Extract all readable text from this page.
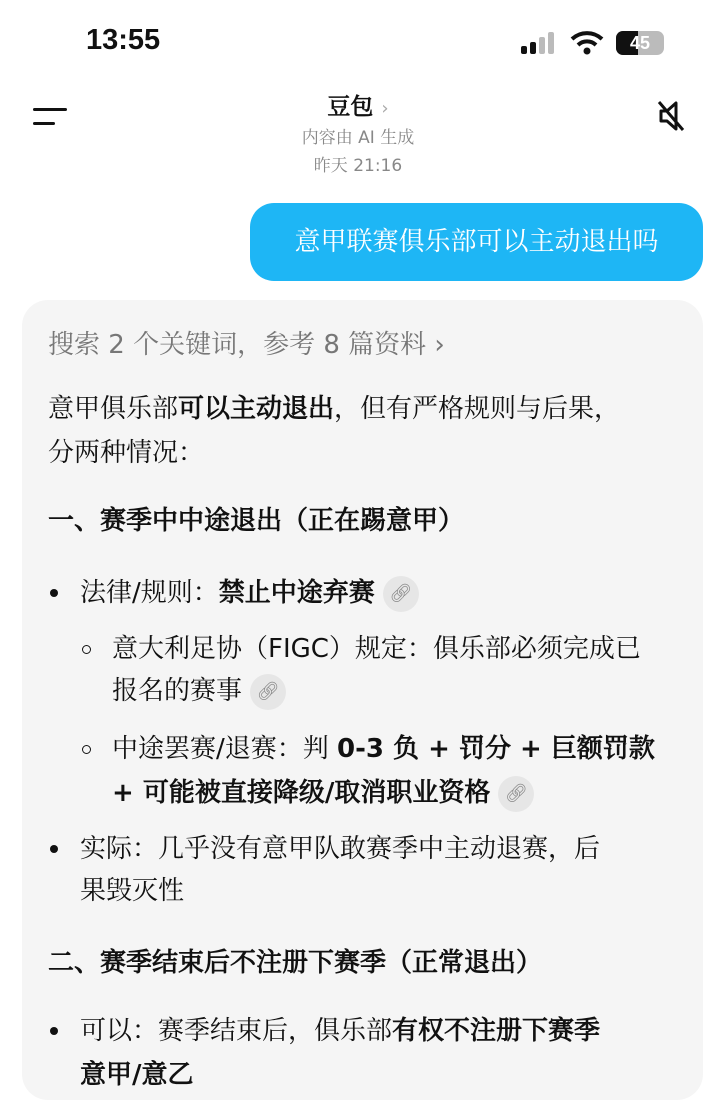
13:55	45
豆包 ›
内容由 AI 生成
昨天 21:16
意甲联赛俱乐部可以主动退出吗
搜索 2 个关键词，参考 8 篇资料 ›
意甲俱乐部可以主动退出，但有严格规则与后果，
分两种情况：
一、赛季中中途退出（正在踢意甲）
法律/规则：禁止中途弃赛 🔗︎
意大利足协（FIGC）规定：俱乐部必须完成已
报名的赛事 🔗︎
中途罢赛/退赛：判 0-3 负 + 罚分 + 巨额罚款
+ 可能被直接降级/取消职业资格 🔗︎
实际：几乎没有意甲队敢赛季中主动退赛，后
果毁灭性
二、赛季结束后不注册下赛季（正常退出）
可以：赛季结束后，俱乐部有权不注册下赛季
意甲/意乙
